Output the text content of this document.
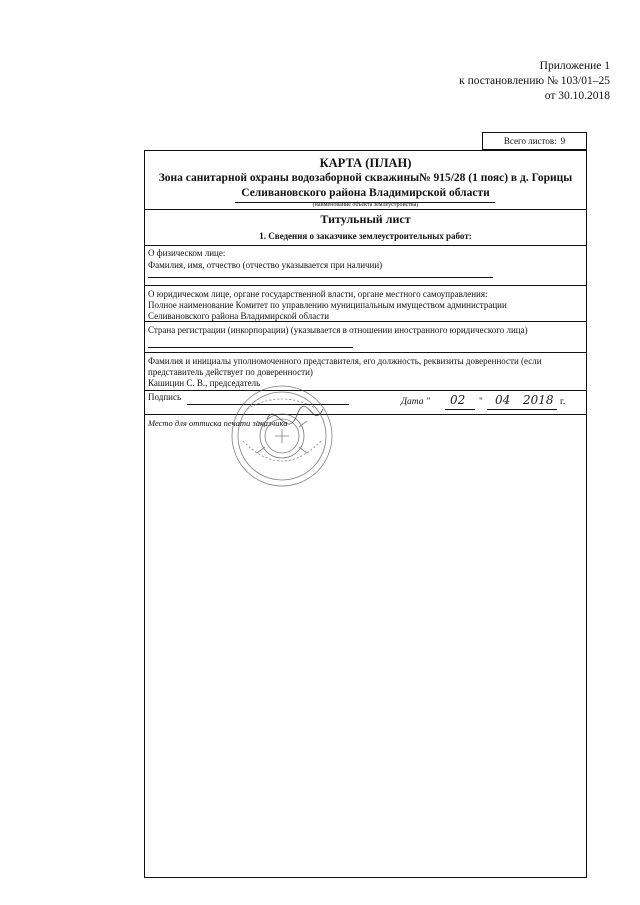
Приложение 1
к постановлению № 103/01–25
от 30.10.2018
Всего листов: 9
КАРТА (ПЛАН)
Зона санитарной охраны водозаборной скважины№ 915/28 (1 пояс) в д. Горицы
Селивановского района Владимирской области
(наименование объекта землеустройства)
Титульный лист
1. Сведения о заказчике землеустроительных работ:
О физическом лице:
Фамилия, имя, отчество (отчество указывается при наличии)
О юридическом лице, органе государственной власти, органе местного самоуправления:
Полное наименование Комитет по управлению муниципальным имуществом администрации
Селивановского района Владимирской области
Страна регистрации (инкорпорации) (указывается в отношении иностранного юридического лица)
Фамилия и инициалы уполномоченного представителя, его должность, реквизиты доверенности (если
представитель действует по доверенности)
Кашицин С. В., председатель
Подпись	Дата " 02 " 04 2018 г.
Место для оттиска печати заказчика
